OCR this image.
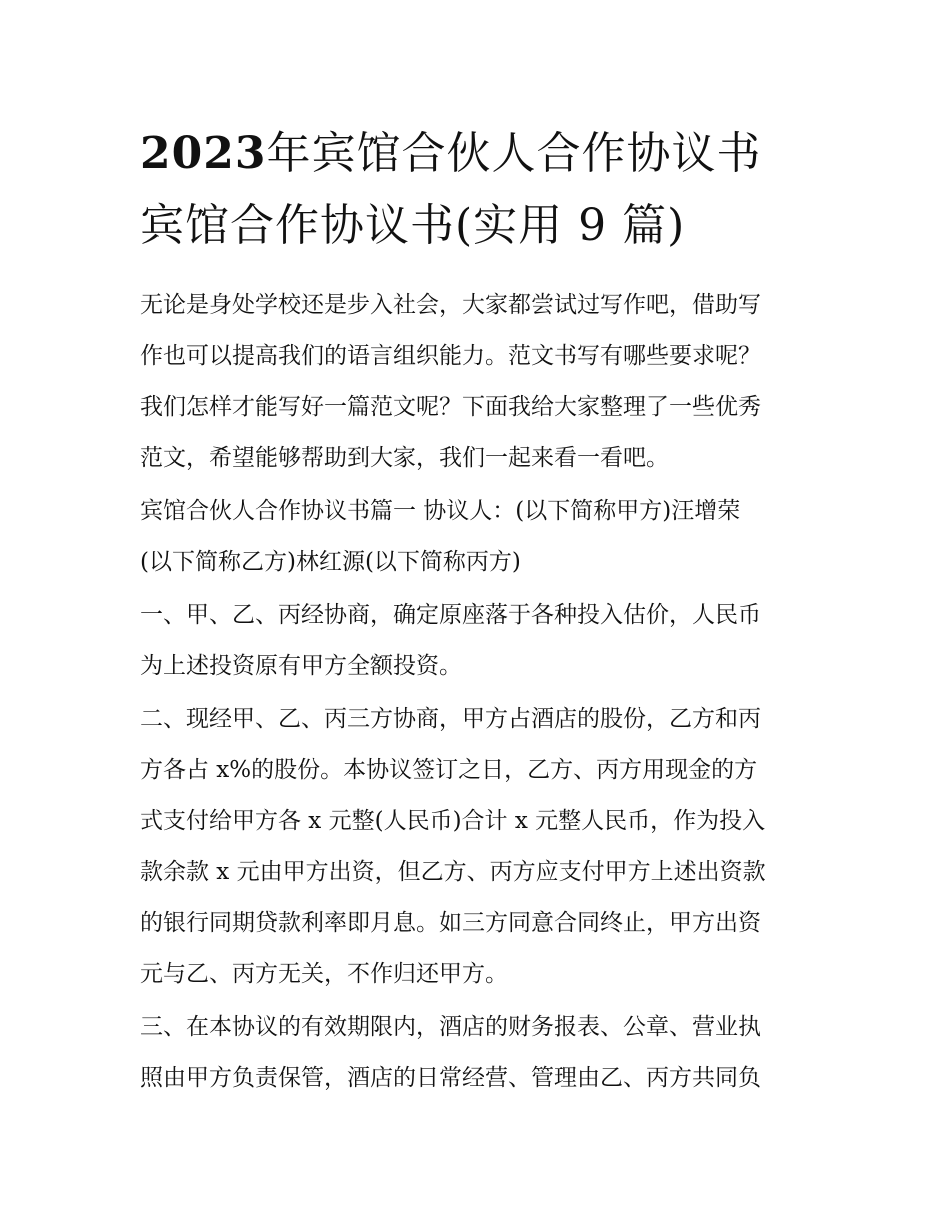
2023年宾馆合伙人合作协议书
宾馆合作协议书(实用 9 篇)

无论是身处学校还是步入社会，大家都尝试过写作吧，借助写
作也可以提高我们的语言组织能力。范文书写有哪些要求呢？
我们怎样才能写好一篇范文呢？下面我给大家整理了一些优秀
范文，希望能够帮助到大家，我们一起来看一看吧。

宾馆合伙人合作协议书篇一 协议人：(以下简称甲方)汪增荣
(以下简称乙方)林红源(以下简称丙方)

一、甲、乙、丙经协商，确定原座落于各种投入估价，人民币
为上述投资原有甲方全额投资。

二、现经甲、乙、丙三方协商，甲方占酒店的股份，乙方和丙
方各占 x%的股份。本协议签订之日，乙方、丙方用现金的方
式支付给甲方各 x 元整(人民币)合计 x 元整人民币，作为投入
款余款 x 元由甲方出资，但乙方、丙方应支付甲方上述出资款
的银行同期贷款利率即月息。如三方同意合同终止，甲方出资
元与乙、丙方无关，不作归还甲方。

三、在本协议的有效期限内，酒店的财务报表、公章、营业执
照由甲方负责保管，酒店的日常经营、管理由乙、丙方共同负
